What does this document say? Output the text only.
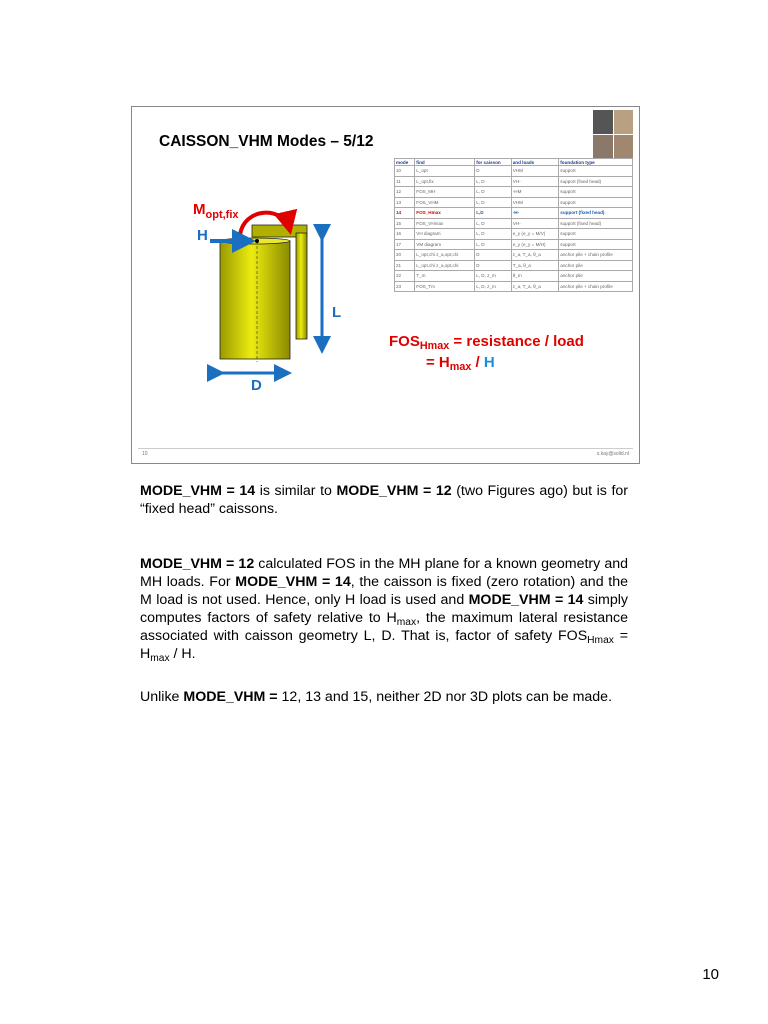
CAISSON_VHM Modes – 5/12
$M_{opt,fix}$
H
L
D
mode	find	for caisson	and loads	foundation type
10	L_opt	D	VHM	support
11	L_opt,fix	L, D	VH-	support (fixed head)
12	FOS_MH	L, D	-HM	support
13	FOS_VHM	L, D	VHM	support
14	FOS_Hmax	L,D	-H-	support (fixed head)
15	FOS_VHmax	L, D	VH-	support (fixed head)
16	VH diagram	L, D	e_y (e_y = M/V)	support
17	VM diagram	L, D	e_y (e_y = M/H)	support
20	L_opt,chi z_a,opt,chi	D	z_a, T_a, θ_a	anchor pile + chain profile
21	L_opt,chi z_a,opt,chi	D	T_a, θ_a	anchor pile
22	T_m	L, D, z_m	θ_m	anchor pile
23	FOS_Tm	L, D, z_m	z_a, T_a, θ_a	anchor pile + chain profile
$FOS_{Hmax}$ = resistance / load
= $H_{max}$ / H
10	s.kay@solid.nl

MODE_VHM = 14 is similar to MODE_VHM = 12 (two Figures ago) but is for “fixed head” caissons.

MODE_VHM = 12 calculated FOS in the MH plane for a known geometry and MH loads. For MODE_VHM = 14, the caisson is fixed (zero rotation) and the M load is not used. Hence, only H load is used and MODE_VHM = 14 simply computes factors of safety relative to $H_{max}$, the maximum lateral resistance associated with caisson geometry L, D. That is, factor of safety $FOS_{Hmax} = H_{max} / H$.

Unlike MODE_VHM = 12, 13 and 15, neither 2D nor 3D plots can be made.

10
